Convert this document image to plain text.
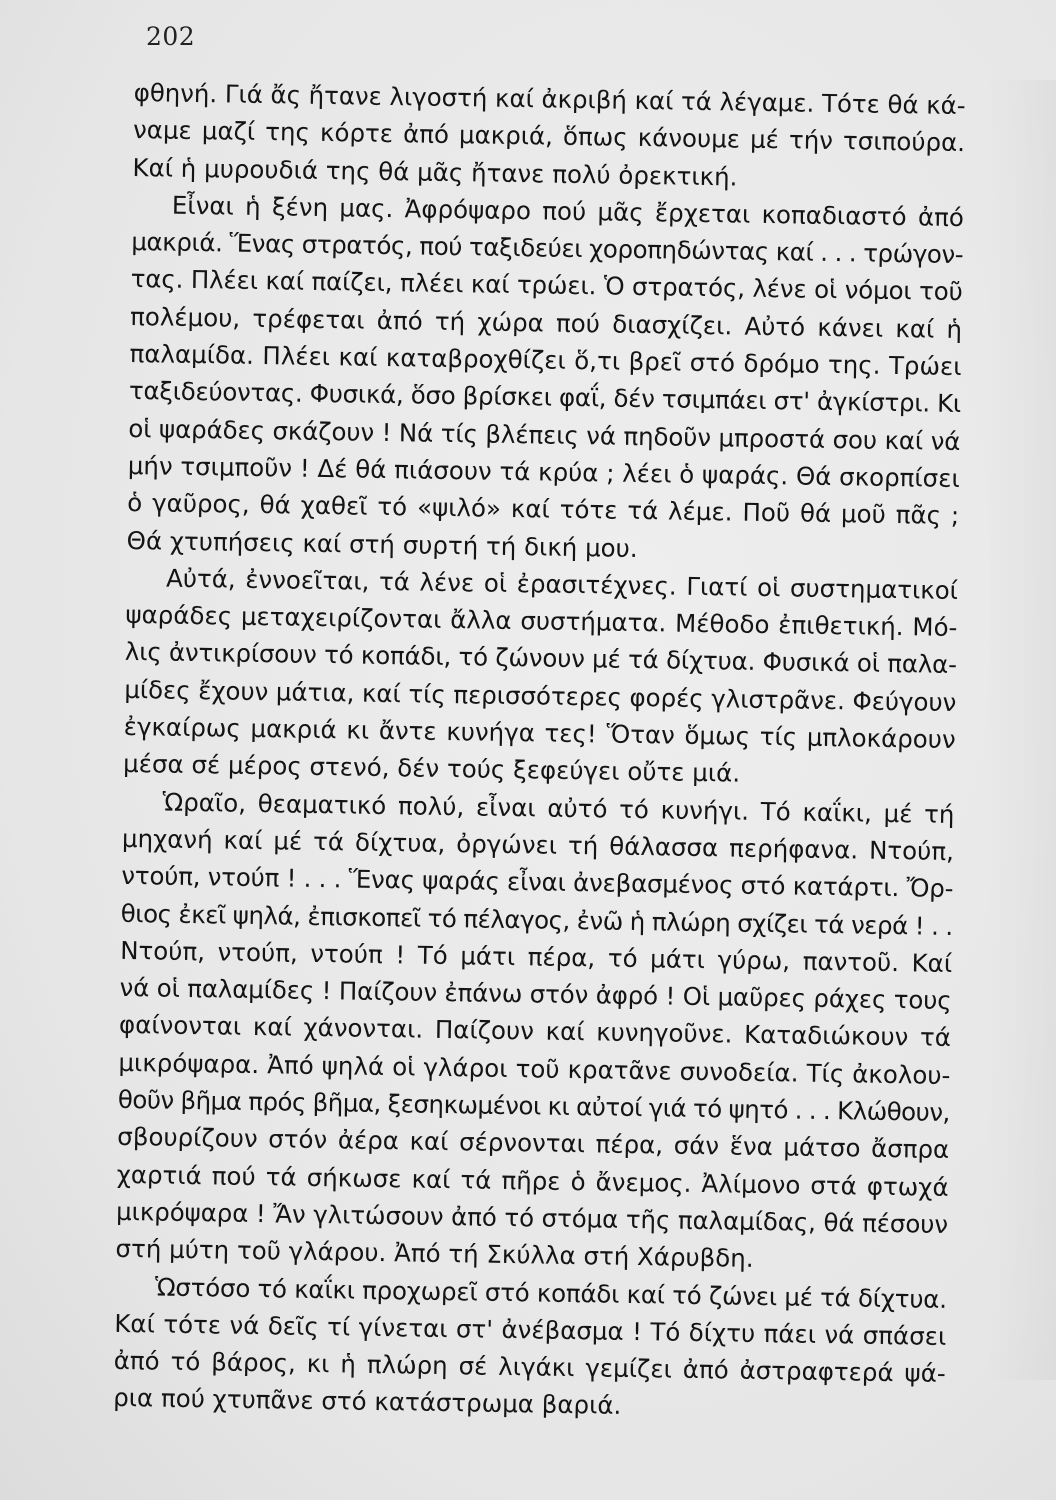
202
φθηνή. Γιά ἄς ἤτανε λιγοστή καί ἀκριβή καί τά λέγαμε. Τότε θά κά-
ναμε μαζί της κόρτε ἀπό μακριά, ὅπως κάνουμε μέ τήν τσιπούρα.
Καί ἡ μυρουδιά της θά μᾶς ἤτανε πολύ ὀρεκτική.
Εἶναι ἡ ξένη μας. Ἀφρόψαρο πού μᾶς ἔρχεται κοπαδιαστό ἀπό
μακριά. Ἕνας στρατός, πού ταξιδεύει χοροπηδώντας καί . . . τρώγον-
τας. Πλέει καί παίζει, πλέει καί τρώει. Ὁ στρατός, λένε οἱ νόμοι τοῦ
πολέμου, τρέφεται ἀπό τή χώρα πού διασχίζει. Αὐτό κάνει καί ἡ
παλαμίδα. Πλέει καί καταβροχθίζει ὅ,τι βρεῖ στό δρόμο της. Τρώει
ταξιδεύοντας. Φυσικά, ὅσο βρίσκει φαΐ, δέν τσιμπάει στ' ἀγκίστρι. Κι
οἱ ψαράδες σκάζουν ! Νά τίς βλέπεις νά πηδοῦν μπροστά σου καί νά
μήν τσιμποῦν ! Δέ θά πιάσουν τά κρύα ; λέει ὁ ψαράς. Θά σκορπίσει
ὁ γαῦρος, θά χαθεῖ τό «ψιλό» καί τότε τά λέμε. Ποῦ θά μοῦ πᾶς ;
Θά χτυπήσεις καί στή συρτή τή δική μου.
Αὐτά, ἐννοεῖται, τά λένε οἱ ἐρασιτέχνες. Γιατί οἱ συστηματικοί
ψαράδες μεταχειρίζονται ἄλλα συστήματα. Μέθοδο ἐπιθετική. Μό-
λις ἀντικρίσουν τό κοπάδι, τό ζώνουν μέ τά δίχτυα. Φυσικά οἱ παλα-
μίδες ἔχουν μάτια, καί τίς περισσότερες φορές γλιστρᾶνε. Φεύγουν
ἐγκαίρως μακριά κι ἄντε κυνήγα τες! Ὅταν ὅμως τίς μπλοκάρουν
μέσα σέ μέρος στενό, δέν τούς ξεφεύγει οὔτε μιά.
Ὡραῖο, θεαματικό πολύ, εἶναι αὐτό τό κυνήγι. Τό καΐκι, μέ τή
μηχανή καί μέ τά δίχτυα, ὀργώνει τή θάλασσα περήφανα. Ντούπ,
ντούπ, ντούπ ! . . . Ἕνας ψαράς εἶναι ἀνεβασμένος στό κατάρτι. Ὄρ-
θιος ἐκεῖ ψηλά, ἐπισκοπεῖ τό πέλαγος, ἐνῶ ἡ πλώρη σχίζει τά νερά ! . .
Ντούπ, ντούπ, ντούπ ! Τό μάτι πέρα, τό μάτι γύρω, παντοῦ. Καί
νά οἱ παλαμίδες ! Παίζουν ἐπάνω στόν ἀφρό ! Οἱ μαῦρες ράχες τους
φαίνονται καί χάνονται. Παίζουν καί κυνηγοῦνε. Καταδιώκουν τά
μικρόψαρα. Ἀπό ψηλά οἱ γλάροι τοῦ κρατᾶνε συνοδεία. Τίς ἀκολου-
θοῦν βῆμα πρός βῆμα, ξεσηκωμένοι κι αὐτοί γιά τό ψητό . . . Κλώθουν,
σβουρίζουν στόν ἀέρα καί σέρνονται πέρα, σάν ἕνα μάτσο ἄσπρα
χαρτιά πού τά σήκωσε καί τά πῆρε ὁ ἄνεμος. Ἀλίμονο στά φτωχά
μικρόψαρα ! Ἄν γλιτώσουν ἀπό τό στόμα τῆς παλαμίδας, θά πέσουν
στή μύτη τοῦ γλάρου. Ἀπό τή Σκύλλα στή Χάρυβδη.
Ὡστόσο τό καΐκι προχωρεῖ στό κοπάδι καί τό ζώνει μέ τά δίχτυα.
Καί τότε νά δεῖς τί γίνεται στ' ἀνέβασμα ! Τό δίχτυ πάει νά σπάσει
ἀπό τό βάρος, κι ἡ πλώρη σέ λιγάκι γεμίζει ἀπό ἀστραφτερά ψά-
ρια πού χτυπᾶνε στό κατάστρωμα βαριά.
